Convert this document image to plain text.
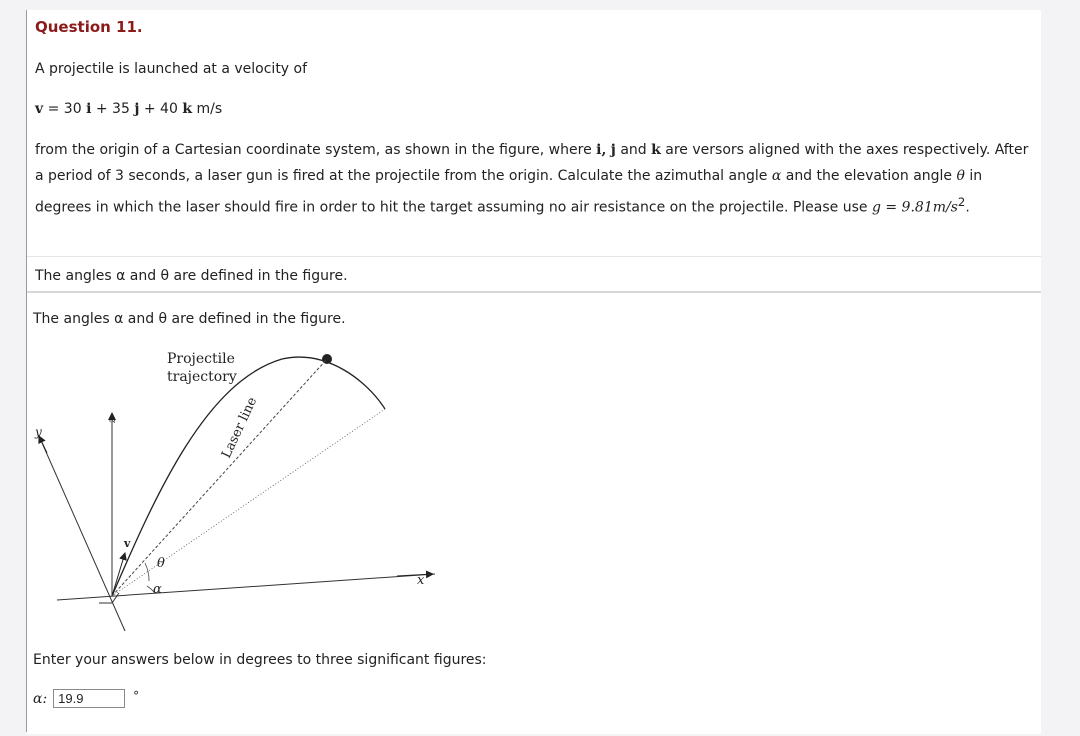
Question 11.
A projectile is launched at a velocity of
v = 30 i + 35 j + 40 k m/s
from the origin of a Cartesian coordinate system, as shown in the figure, where i, j and k are versors aligned with the axes respectively. After a period of 3 seconds, a laser gun is fired at the projectile from the origin. Calculate the azimuthal angle α and the elevation angle θ in degrees in which the laser should fire in order to hit the target assuming no air resistance on the projectile. Please use $g = 9.81m/s^2$.
The angles α and θ are defined in the figure.
The angles α and θ are defined in the figure.
Projectile
trajectory
Laser line
x
y
z
v
θ
α
Enter your answers below in degrees to three significant figures:
α:
19.9	°
